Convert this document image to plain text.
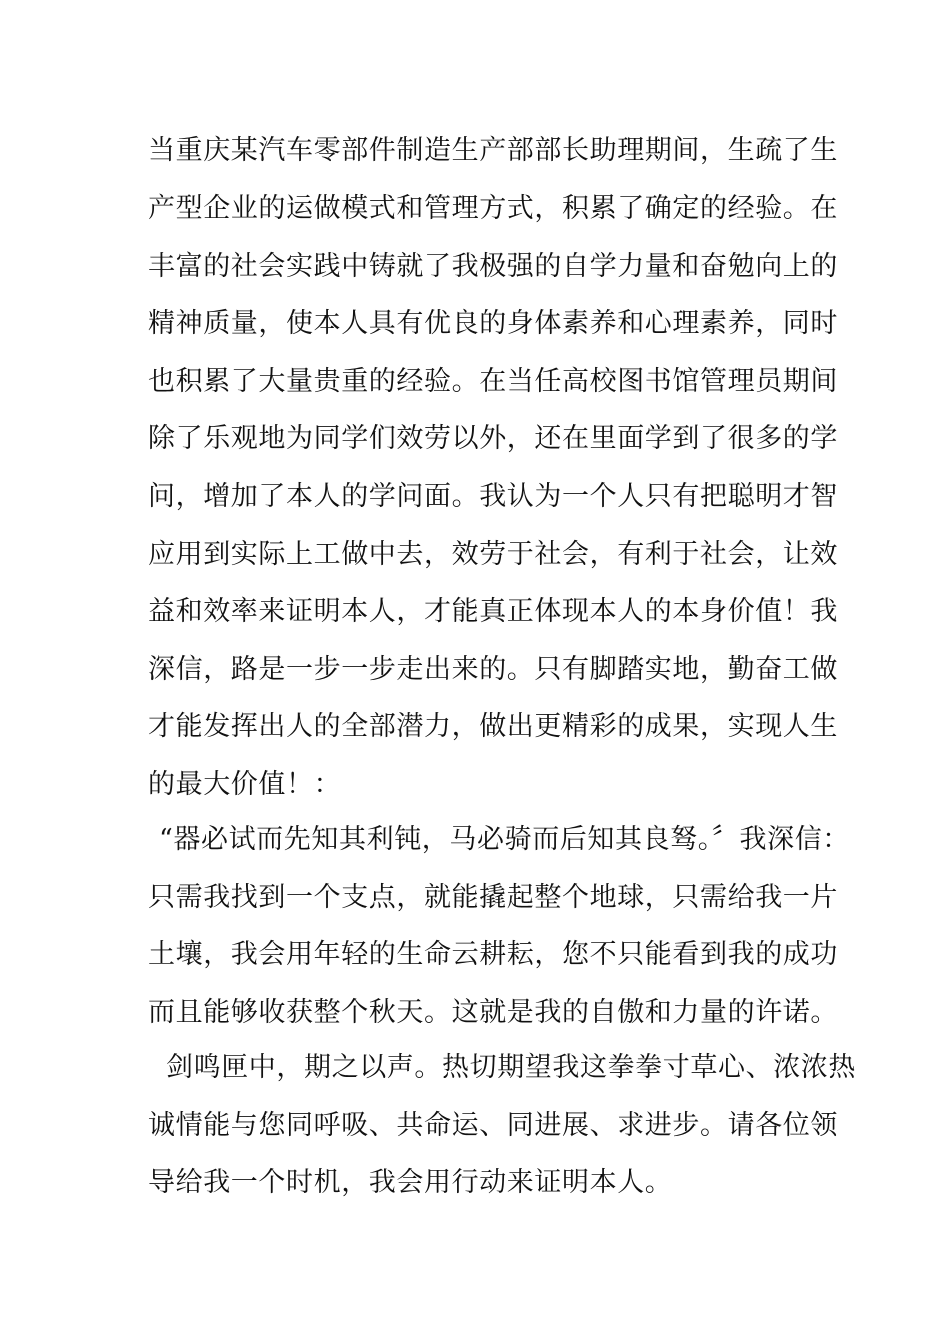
当重庆某汽车零部件制造生产部部长助理期间，生疏了生
产型企业的运做模式和管理方式，积累了确定的经验。在
丰富的社会实践中铸就了我极强的自学力量和奋勉向上的
精神质量，使本人具有优良的身体素养和心理素养，同时
也积累了大量贵重的经验。在当任高校图书馆管理员期间
除了乐观地为同学们效劳以外，还在里面学到了很多的学
问，增加了本人的学问面。我认为一个人只有把聪明才智
应用到实际上工做中去，效劳于社会，有利于社会，让效
益和效率来证明本人，才能真正体现本人的本身价值！我
深信，路是一步一步走出来的。只有脚踏实地，勤奋工做
才能发挥出人的全部潜力，做出更精彩的成果，实现人生
的最大价值！：
“器必试而先知其利钝，马必骑而后知其良驽。〞我深信：
只需我找到一个支点，就能撬起整个地球，只需给我一片
土壤，我会用年轻的生命云耕耘，您不只能看到我的成功
而且能够收获整个秋天。这就是我的自傲和力量的许诺。
剑鸣匣中，期之以声。热切期望我这拳拳寸草心、浓浓热
诚情能与您同呼吸、共命运、同进展、求进步。请各位领
导给我一个时机，我会用行动来证明本人。
